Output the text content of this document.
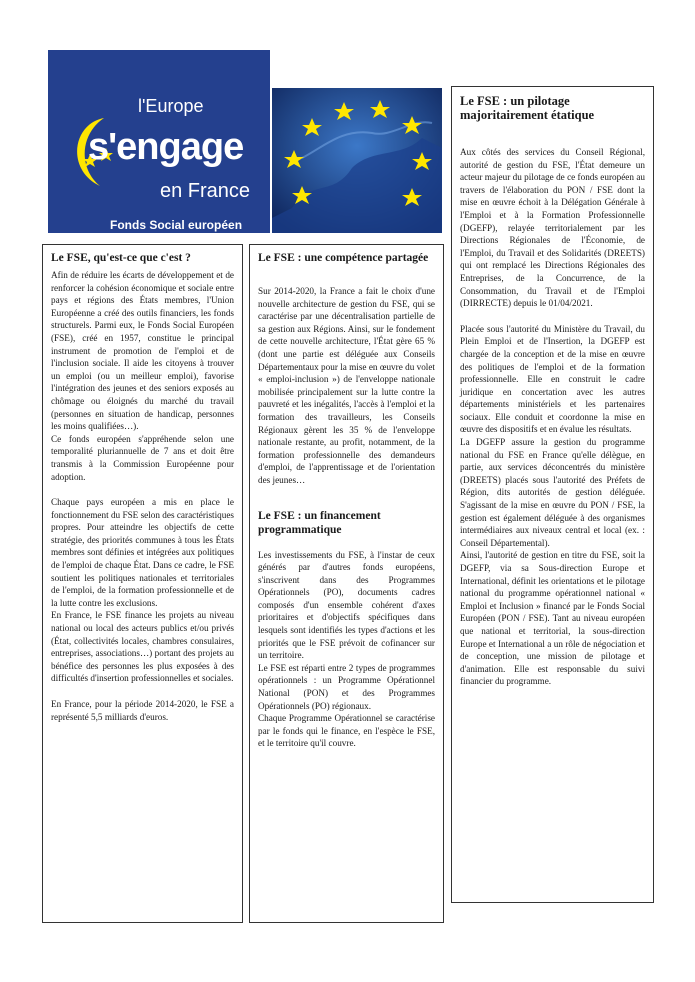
l'Europe
s'engage
en France
Fonds Social européen
Le FSE, qu'est-ce que c'est ?
Afin de réduire les écarts de développement et de renforcer la cohésion économique et sociale entre pays et régions des États membres, l'Union Européenne a créé des outils financiers, les fonds structurels. Parmi eux, le Fonds Social Européen (FSE), créé en 1957, constitue le principal instrument de promotion de l'emploi et de l'inclusion sociale. Il aide les citoyens à trouver un emploi (ou un meilleur emploi), favorise l'intégration des jeunes et des seniors exposés au chômage ou éloignés du marché du travail (personnes en situation de handicap, personnes les moins qualifiées…).
Ce fonds européen s'appréhende selon une temporalité pluriannuelle de 7 ans et doit être transmis à la Commission Européenne pour adoption.
Chaque pays européen a mis en place le fonctionnement du FSE selon des caractéristiques propres. Pour atteindre les objectifs de cette stratégie, des priorités communes à tous les États membres sont définies et intégrées aux politiques de l'emploi de chaque État. Dans ce cadre, le FSE soutient les politiques nationales et territoriales de l'emploi, de la formation professionnelle et de la lutte contre les exclusions.
En France, le FSE finance les projets au niveau national ou local des acteurs publics et/ou privés (État, collectivités locales, chambres consulaires, entreprises, associations…) portant des projets au bénéfice des personnes les plus exposées à des difficultés d'insertion professionnelles et sociales.
En France, pour la période 2014-2020, le FSE a représenté 5,5 milliards d'euros.
Le FSE : une compétence partagée
Sur 2014-2020, la France a fait le choix d'une nouvelle architecture de gestion du FSE, qui se caractérise par une décentralisation partielle de sa gestion aux Régions. Ainsi, sur le fondement de cette nouvelle architecture, l'État gère 65 % (dont une partie est déléguée aux Conseils Départementaux pour la mise en œuvre du volet « emploi-inclusion ») de l'enveloppe nationale mobilisée principalement sur la lutte contre la pauvreté et les inégalités, l'accès à l'emploi et la formation des travailleurs, les Conseils Régionaux gèrent les 35 % de l'enveloppe nationale restante, au profit, notamment, de la formation professionnelle des demandeurs d'emploi, de l'apprentissage et de l'orientation des jeunes…
Le FSE : un financement programmatique
Les investissements du FSE, à l'instar de ceux générés par d'autres fonds européens, s'inscrivent dans des Programmes Opérationnels (PO), documents cadres composés d'un ensemble cohérent d'axes prioritaires et d'objectifs spécifiques dans lesquels sont identifiés les types d'actions et les priorités que le FSE prévoit de cofinancer sur un territoire.
Le FSE est réparti entre 2 types de programmes opérationnels : un Programme Opérationnel National (PON) et des Programmes Opérationnels (PO) régionaux.
Chaque Programme Opérationnel se caractérise par le fonds qui le finance, en l'espèce le FSE, et le territoire qu'il couvre.
Le FSE : un pilotage majoritairement étatique
Aux côtés des services du Conseil Régional, autorité de gestion du FSE, l'État demeure un acteur majeur du pilotage de ce fonds européen au travers de l'élaboration du PON / FSE dont la mise en œuvre échoit à la Délégation Générale à l'Emploi et à la Formation Professionnelle (DGEFP), relayée territorialement par les Directions Régionales de l'Économie, de l'Emploi, du Travail et des Solidarités (DREETS) qui ont remplacé les Directions Régionales des Entreprises, de la Concurrence, de la Consommation, du Travail et de l'Emploi (DIRRECTE) depuis le 01/04/2021.
Placée sous l'autorité du Ministère du Travail, du Plein Emploi et de l'Insertion, la DGEFP est chargée de la conception et de la mise en œuvre des politiques de l'emploi et de la formation professionnelle. Elle en construit le cadre juridique en concertation avec les autres départements ministériels et les partenaires sociaux. Elle conduit et coordonne la mise en œuvre des dispositifs et en évalue les résultats.
La DGEFP assure la gestion du programme national du FSE en France qu'elle délègue, en partie, aux services déconcentrés du ministère (DREETS) placés sous l'autorité des Préfets de Région, dits autorités de gestion déléguée. S'agissant de la mise en œuvre du PON / FSE, la gestion est également déléguée à des organismes intermédiaires aux niveaux central et local (ex. : Conseil Départemental).
Ainsi, l'autorité de gestion en titre du FSE, soit la DGEFP, via sa Sous-direction Europe et International, définit les orientations et le pilotage national du programme opérationnel national « Emploi et Inclusion » financé par le Fonds Social Européen (PON / FSE). Tant au niveau européen que national et territorial, la sous-direction Europe et International a un rôle de négociation et de conception, une mission de pilotage et d'animation. Elle est responsable du suivi financier du programme.
